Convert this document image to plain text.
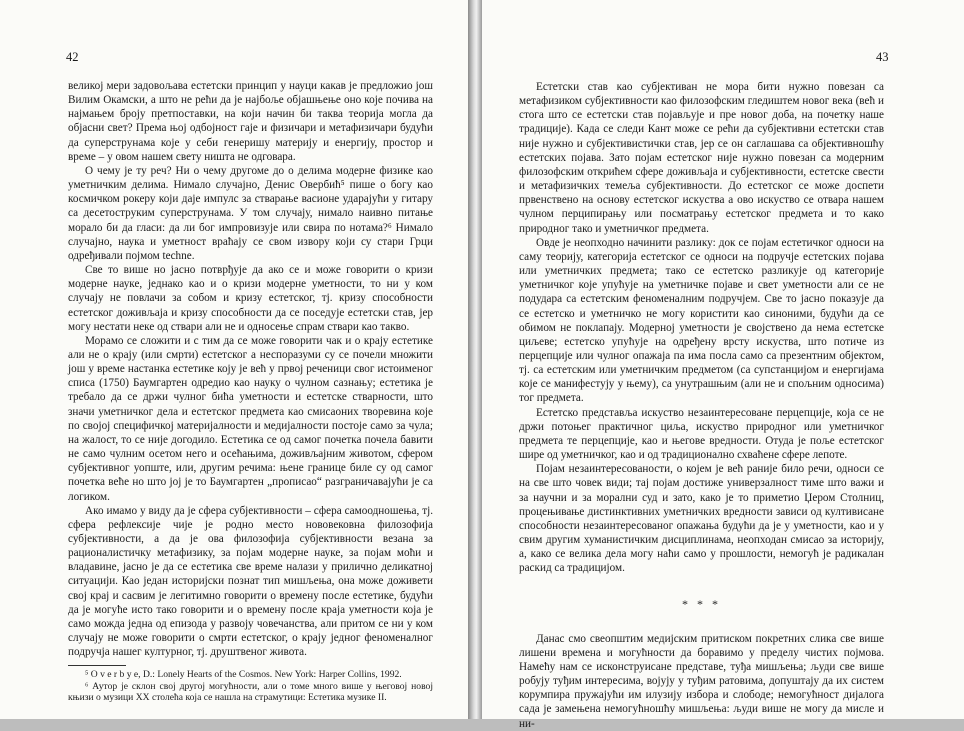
42

великој мери задовољава естетски принцип у науци какав је предложио још Вилим Окамски, а што не рећи да је најбоље објашњење оно које почива на најмањем броју претпоставки, на који начин би таква теорија могла да објасни свет? Према њој одбојност гаје и физичари и метафизичари будући да суперструнама које у себи генеришу материју и енергију, простор и време – у овом нашем свету ништа не одговара.

О чему је ту реч? Ни о чему другоме до о делима модерне физике као уметничким делима. Нимало случајно, Денис Овербић⁵ пише о богу као космичком рокеру који даје импулс за стварање васионе ударајући у гитару са десетоструким суперструнама. У том случају, нимало наивно питање морало би да гласи: да ли бог импровизује или свира по нотама?⁶ Нимало случајно, наука и уметност враћају се свом извору који су стари Грци одређивали појмом techne.

Све то више но јасно потврђује да ако се и може говорити о кризи модерне науке, једнако као и о кризи модерне уметности, то ни у ком случају не повлачи за собом и кризу естетског, тј. кризу способности естетског доживљаја и кризу способности да се поседује естетски став, јер могу нестати неке од ствари али не и односење спрам ствари као такво.

Морамо се сложити и с тим да се може говорити чак и о крају естетике али не о крају (или смрти) естетског а неспоразуми су се почели множити још у време настанка естетике коју је већ у првој реченици свог истоименог списа (1750) Баумгартен одредио као науку о чулном сазнању; естетика је требало да се држи чулног бића уметности и естетске стварности, што значи уметничког дела и естетског предмета као смисаоних творевина које по својој специфичкој материјалности и медијалности постоје само за чула; на жалост, то се није догодило. Естетика се од самог почетка почела бавити не само чулним осетом него и осећањима, доживљајним животом, сфером субјективног уопште, или, другим речима: њене границе биле су од самог почетка веће но што јој је то Баумгартен „прописао“ разграничавајући је са логиком.

Ако имамо у виду да је сфера субјективности – сфера самоодношења, тј. сфера рефлексије чије је родно место нововековна филозофија субјективности, а да је ова филозофија субјективности везана за рационалистичку метафизику, за појам модерне науке, за појам моћи и владавине, јасно је да се естетика све време налази у прилично деликатној ситуацији. Као један историјски познат тип мишљења, она може доживети свој крај и сасвим је легитимно говорити о времену после естетике, будући да је могуће исто тако говорити и о времену после краја уметности која је само можда једна од епизода у развоју човечанства, али притом се ни у ком случају не може говорити о смрти естетског, о крају једног феноменалног подручја нашег културног, тј. друштвеног живота.

⁵ O v e r b y e, D.: Lonely Hearts of the Cosmos. New York: Harper Collins, 1992.

⁶ Аутор је склон свој другој могућности, али о томе много више у његовој новој књизи о музици XX столећа која се нашла на страмутици: Естетика музике II.

43

Естетски став као субјективан не мора бити нужно повезан са метафизиком субјективности као филозофским гледиштем новог века (већ и стога што се естетски став појављује и пре новог доба, на почетку наше традиције). Када се следи Кант може се рећи да субјективни естетски став није нужно и субјективистички став, јер се он саглашава са објективношћу естетских појава. Зато појам естетског није нужно повезан са модерним филозофским открићем сфере доживљаја и субјективности, естетске свести и метафизичких темеља субјективности. До естетског се може доспети првенствено на основу естетског искуства а ово искуство се отвара нашем чулном перципирању или посматрању естетског предмета и то како природног тако и уметничког предмета.

Овде је неопходно начинити разлику: док се појам естетичког односи на саму теорију, категорија естетског се односи на подручје естетских појава или уметничких предмета; тако се естетско разликује од категорије уметничког које упућује на уметничке појаве и свет уметности али се не подудара са естетским феноменалним подручјем. Све то јасно показује да се естетско и уметничко не могу користити као синоними, будући да се обимом не поклапају. Модерној уметности је својствено да нема естетске циљеве; естетско упућује на одређену врсту искуства, што потиче из перцепције или чулног опажаја па има посла само са презентним објектом, тј. са естетским или уметничким предметом (са супстанцијом и енергијама које се манифестују у њему), са унутрашњим (али не и спољним односима) тог предмета.

Естетско представља искуство незаинтересоване перцепције, која се не држи потоњег практичног циља, искуство природног или уметничког предмета те перцепције, као и његове вредности. Отуда је поље естетског шире од уметничког, као и од традиционално схваћене сфере лепоте.

Појам незаинтересованости, о којем је већ раније било речи, односи се на све што човек види; тај појам достиже универзалност тиме што важи и за научни и за морални суд и зато, како је то приметио Џером Столниц, процењивање дистинктивних уметничких вредности зависи од култивисане способности незаинтересованог опажања будући да је у уметности, као и у свим другим хуманистичким дисциплинама, неопходан смисао за историју, а, како се велика дела могу наћи само у прошлости, немогућ је радикалан раскид са традицијом.

* * *

Данас смо свеопштим медијским притиском покретних слика све више лишени времена и могућности да боравимо у пределу чистих појмова. Намећу нам се исконструисане представе, туђа мишљења; људи све више робују туђим интересима, војују у туђим ратовима, допуштају да их систем корумпира пружајући им илузију избора и слободе; немогућност дијалога сада је замењена немогућношћу мишљења: људи више не могу да мисле и ни-
